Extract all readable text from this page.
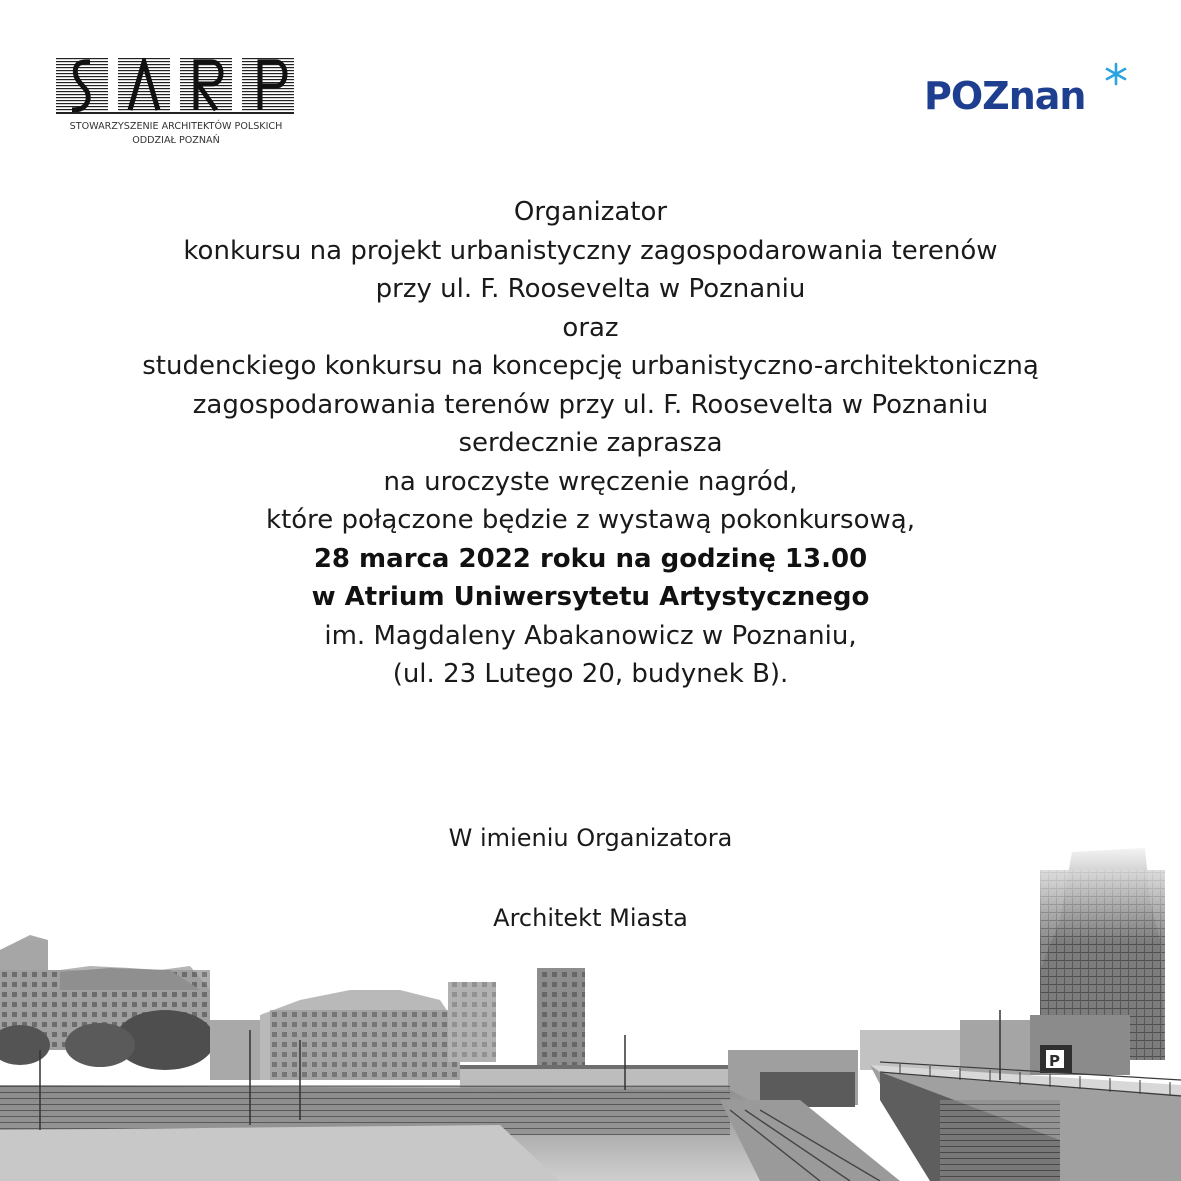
STOWARZYSZENIE ARCHITEKTÓW POLSKICH
ODDZIAŁ POZNAŃ
POZnan
Organizator
konkursu na projekt urbanistyczny zagospodarowania terenów
przy ul. F. Roosevelta w Poznaniu
oraz
studenckiego konkursu na koncepcję urbanistyczno-architektoniczną
zagospodarowania terenów przy ul. F. Roosevelta w Poznaniu
serdecznie zaprasza
na uroczyste wręczenie nagród,
które połączone będzie z wystawą pokonkursową,
28 marca 2022 roku na godzinę 13.00
w Atrium Uniwersytetu Artystycznego
im. Magdaleny Abakanowicz w Poznaniu,
(ul. 23 Lutego 20, budynek B).
W imieniu Organizatora
Architekt Miasta
